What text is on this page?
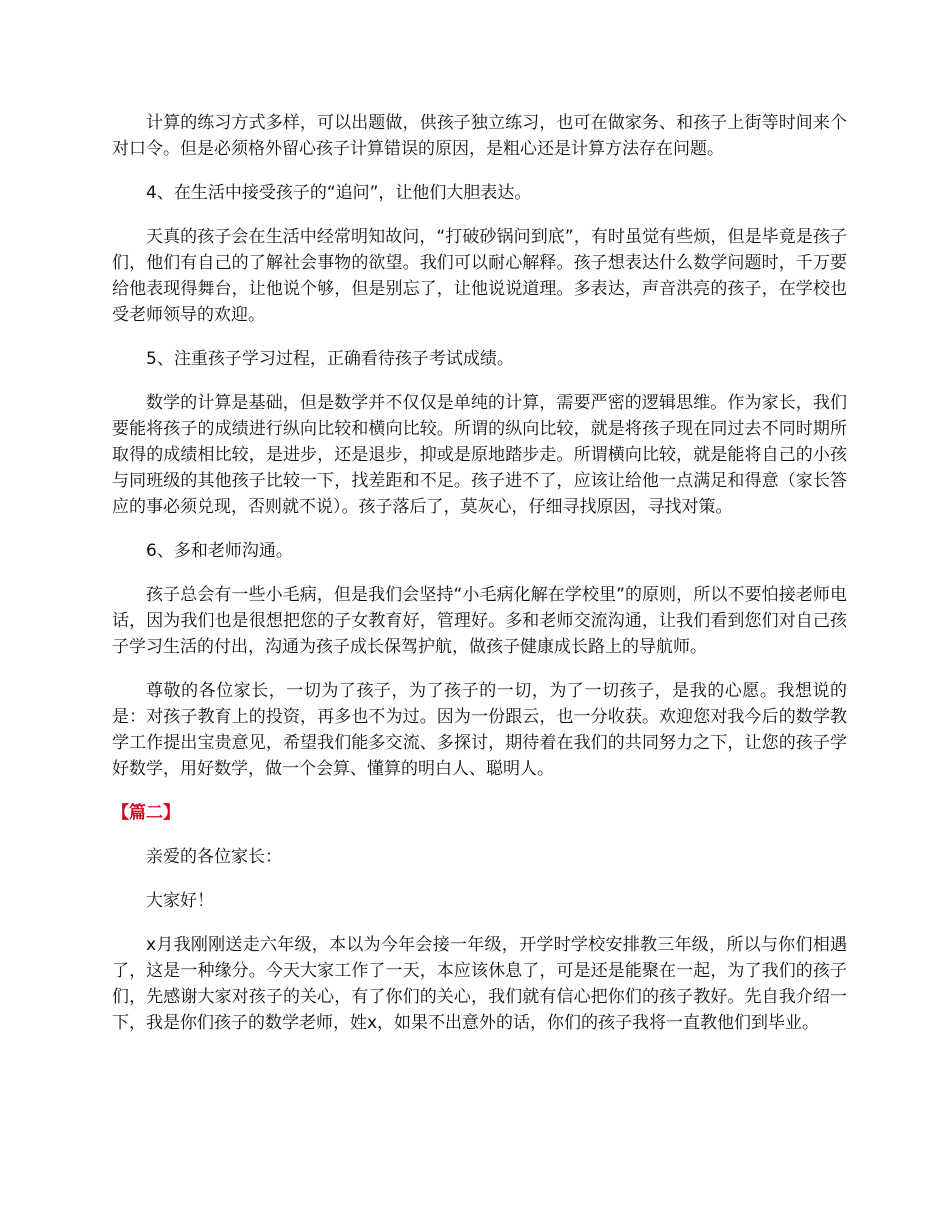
计算的练习方式多样，可以出题做，供孩子独立练习，也可在做家务、和孩子上街等时间来个对口令。但是必须格外留心孩子计算错误的原因，是粗心还是计算方法存在问题。

4、在生活中接受孩子的“追问”，让他们大胆表达。

天真的孩子会在生活中经常明知故问，“打破砂锅问到底”，有时虽觉有些烦，但是毕竟是孩子们，他们有自己的了解社会事物的欲望。我们可以耐心解释。孩子想表达什么数学问题时，千万要给他表现得舞台，让他说个够，但是别忘了，让他说说道理。多表达，声音洪亮的孩子，在学校也受老师领导的欢迎。

5、注重孩子学习过程，正确看待孩子考试成绩。

数学的计算是基础，但是数学并不仅仅是单纯的计算，需要严密的逻辑思维。作为家长，我们要能将孩子的成绩进行纵向比较和横向比较。所谓的纵向比较，就是将孩子现在同过去不同时期所取得的成绩相比较，是进步，还是退步，抑或是原地踏步走。所谓横向比较，就是能将自己的小孩与同班级的其他孩子比较一下，找差距和不足。孩子进不了，应该让给他一点满足和得意（家长答应的事必须兑现，否则就不说）。孩子落后了，莫灰心，仔细寻找原因，寻找对策。

6、多和老师沟通。

孩子总会有一些小毛病，但是我们会坚持“小毛病化解在学校里”的原则，所以不要怕接老师电话，因为我们也是很想把您的子女教育好，管理好。多和老师交流沟通，让我们看到您们对自己孩子学习生活的付出，沟通为孩子成长保驾护航，做孩子健康成长路上的导航师。

尊敬的各位家长，一切为了孩子，为了孩子的一切，为了一切孩子，是我的心愿。我想说的是：对孩子教育上的投资，再多也不为过。因为一份跟云，也一分收获。欢迎您对我今后的数学教学工作提出宝贵意见，希望我们能多交流、多探讨，期待着在我们的共同努力之下，让您的孩子学好数学，用好数学，做一个会算、懂算的明白人、聪明人。

【篇二】

亲爱的各位家长：

大家好！

x月我刚刚送走六年级，本以为今年会接一年级，开学时学校安排教三年级，所以与你们相遇了，这是一种缘分。今天大家工作了一天，本应该休息了，可是还是能聚在一起，为了我们的孩子们，先感谢大家对孩子的关心，有了你们的关心，我们就有信心把你们的孩子教好。先自我介绍一下，我是你们孩子的数学老师，姓x，如果不出意外的话，你们的孩子我将一直教他们到毕业。
